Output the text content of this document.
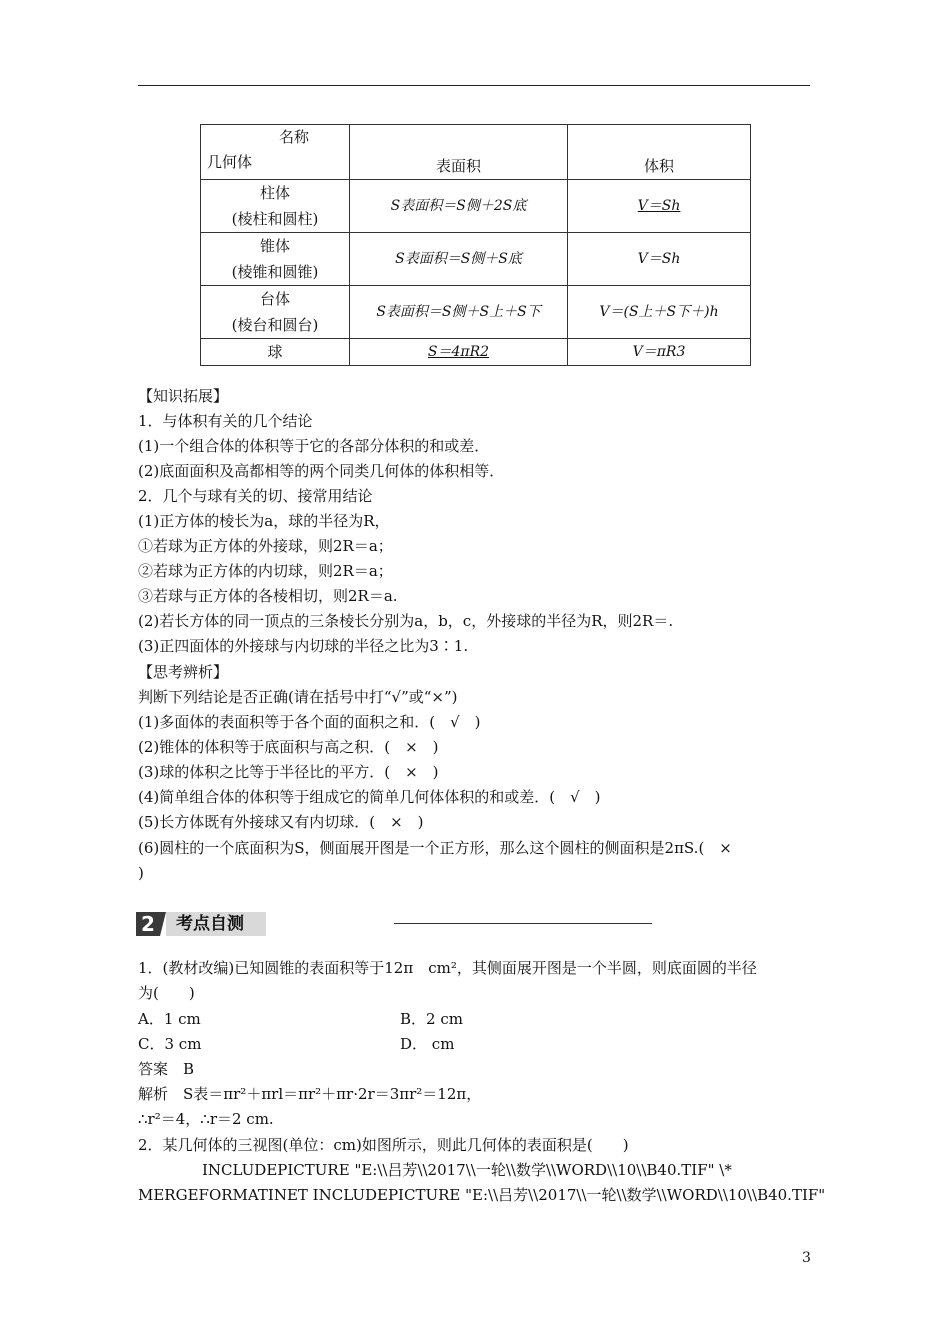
名称
几何体	表面积	体积

柱体
(棱柱和圆柱)	S表面积＝S侧＋2S底	V＝Sh

锥体
(棱锥和圆锥)	S表面积＝S侧＋S底	V＝Sh

台体
(棱台和圆台)	S表面积＝S侧＋S上＋S下	V＝(S上＋S下＋)h
球	S＝4πR2	V＝πR3
【知识拓展】
1．与体积有关的几个结论
(1)一个组合体的体积等于它的各部分体积的和或差．
(2)底面面积及高都相等的两个同类几何体的体积相等．
2．几个与球有关的切、接常用结论
(1)正方体的棱长为a，球的半径为R，
①若球为正方体的外接球，则2R＝a；
②若球为正方体的内切球，则2R＝a；
③若球与正方体的各棱相切，则2R＝a.
(2)若长方体的同一顶点的三条棱长分别为a，b，c，外接球的半径为R，则2R＝.
(3)正四面体的外接球与内切球的半径之比为3∶1.
【思考辨析】
判断下列结论是否正确(请在括号中打“√”或“×”)
(1)多面体的表面积等于各个面的面积之和．(　√　)
(2)锥体的体积等于底面积与高之积．(　×　)
(3)球的体积之比等于半径比的平方．(　×　)
(4)简单组合体的体积等于组成它的简单几何体体积的和或差．(　√　)
(5)长方体既有外接球又有内切球．(　×　)
(6)圆柱的一个底面积为S，侧面展开图是一个正方形，那么这个圆柱的侧面积是2πS.(　×
)
2	考点自测
1．(教材改编)已知圆锥的表面积等于12π　cm²，其侧面展开图是一个半圆，则底面圆的半径
为(　　)
A．1 cm	B．2 cm
C．3 cm	D． cm
答案　B
解析　S表＝πr²＋πrl＝πr²＋πr·2r＝3πr²＝12π，
∴r²＝4，∴r＝2 cm.
2．某几何体的三视图(单位：cm)如图所示，则此几何体的表面积是(　　)
INCLUDEPICTURE "E:\\吕芳\\2017\\一轮\\数学\\WORD\\10\\B40.TIF" \*
MERGEFORMATINET INCLUDEPICTURE "E:\\吕芳\\2017\\一轮\\数学\\WORD\\10\\B40.TIF"
3
